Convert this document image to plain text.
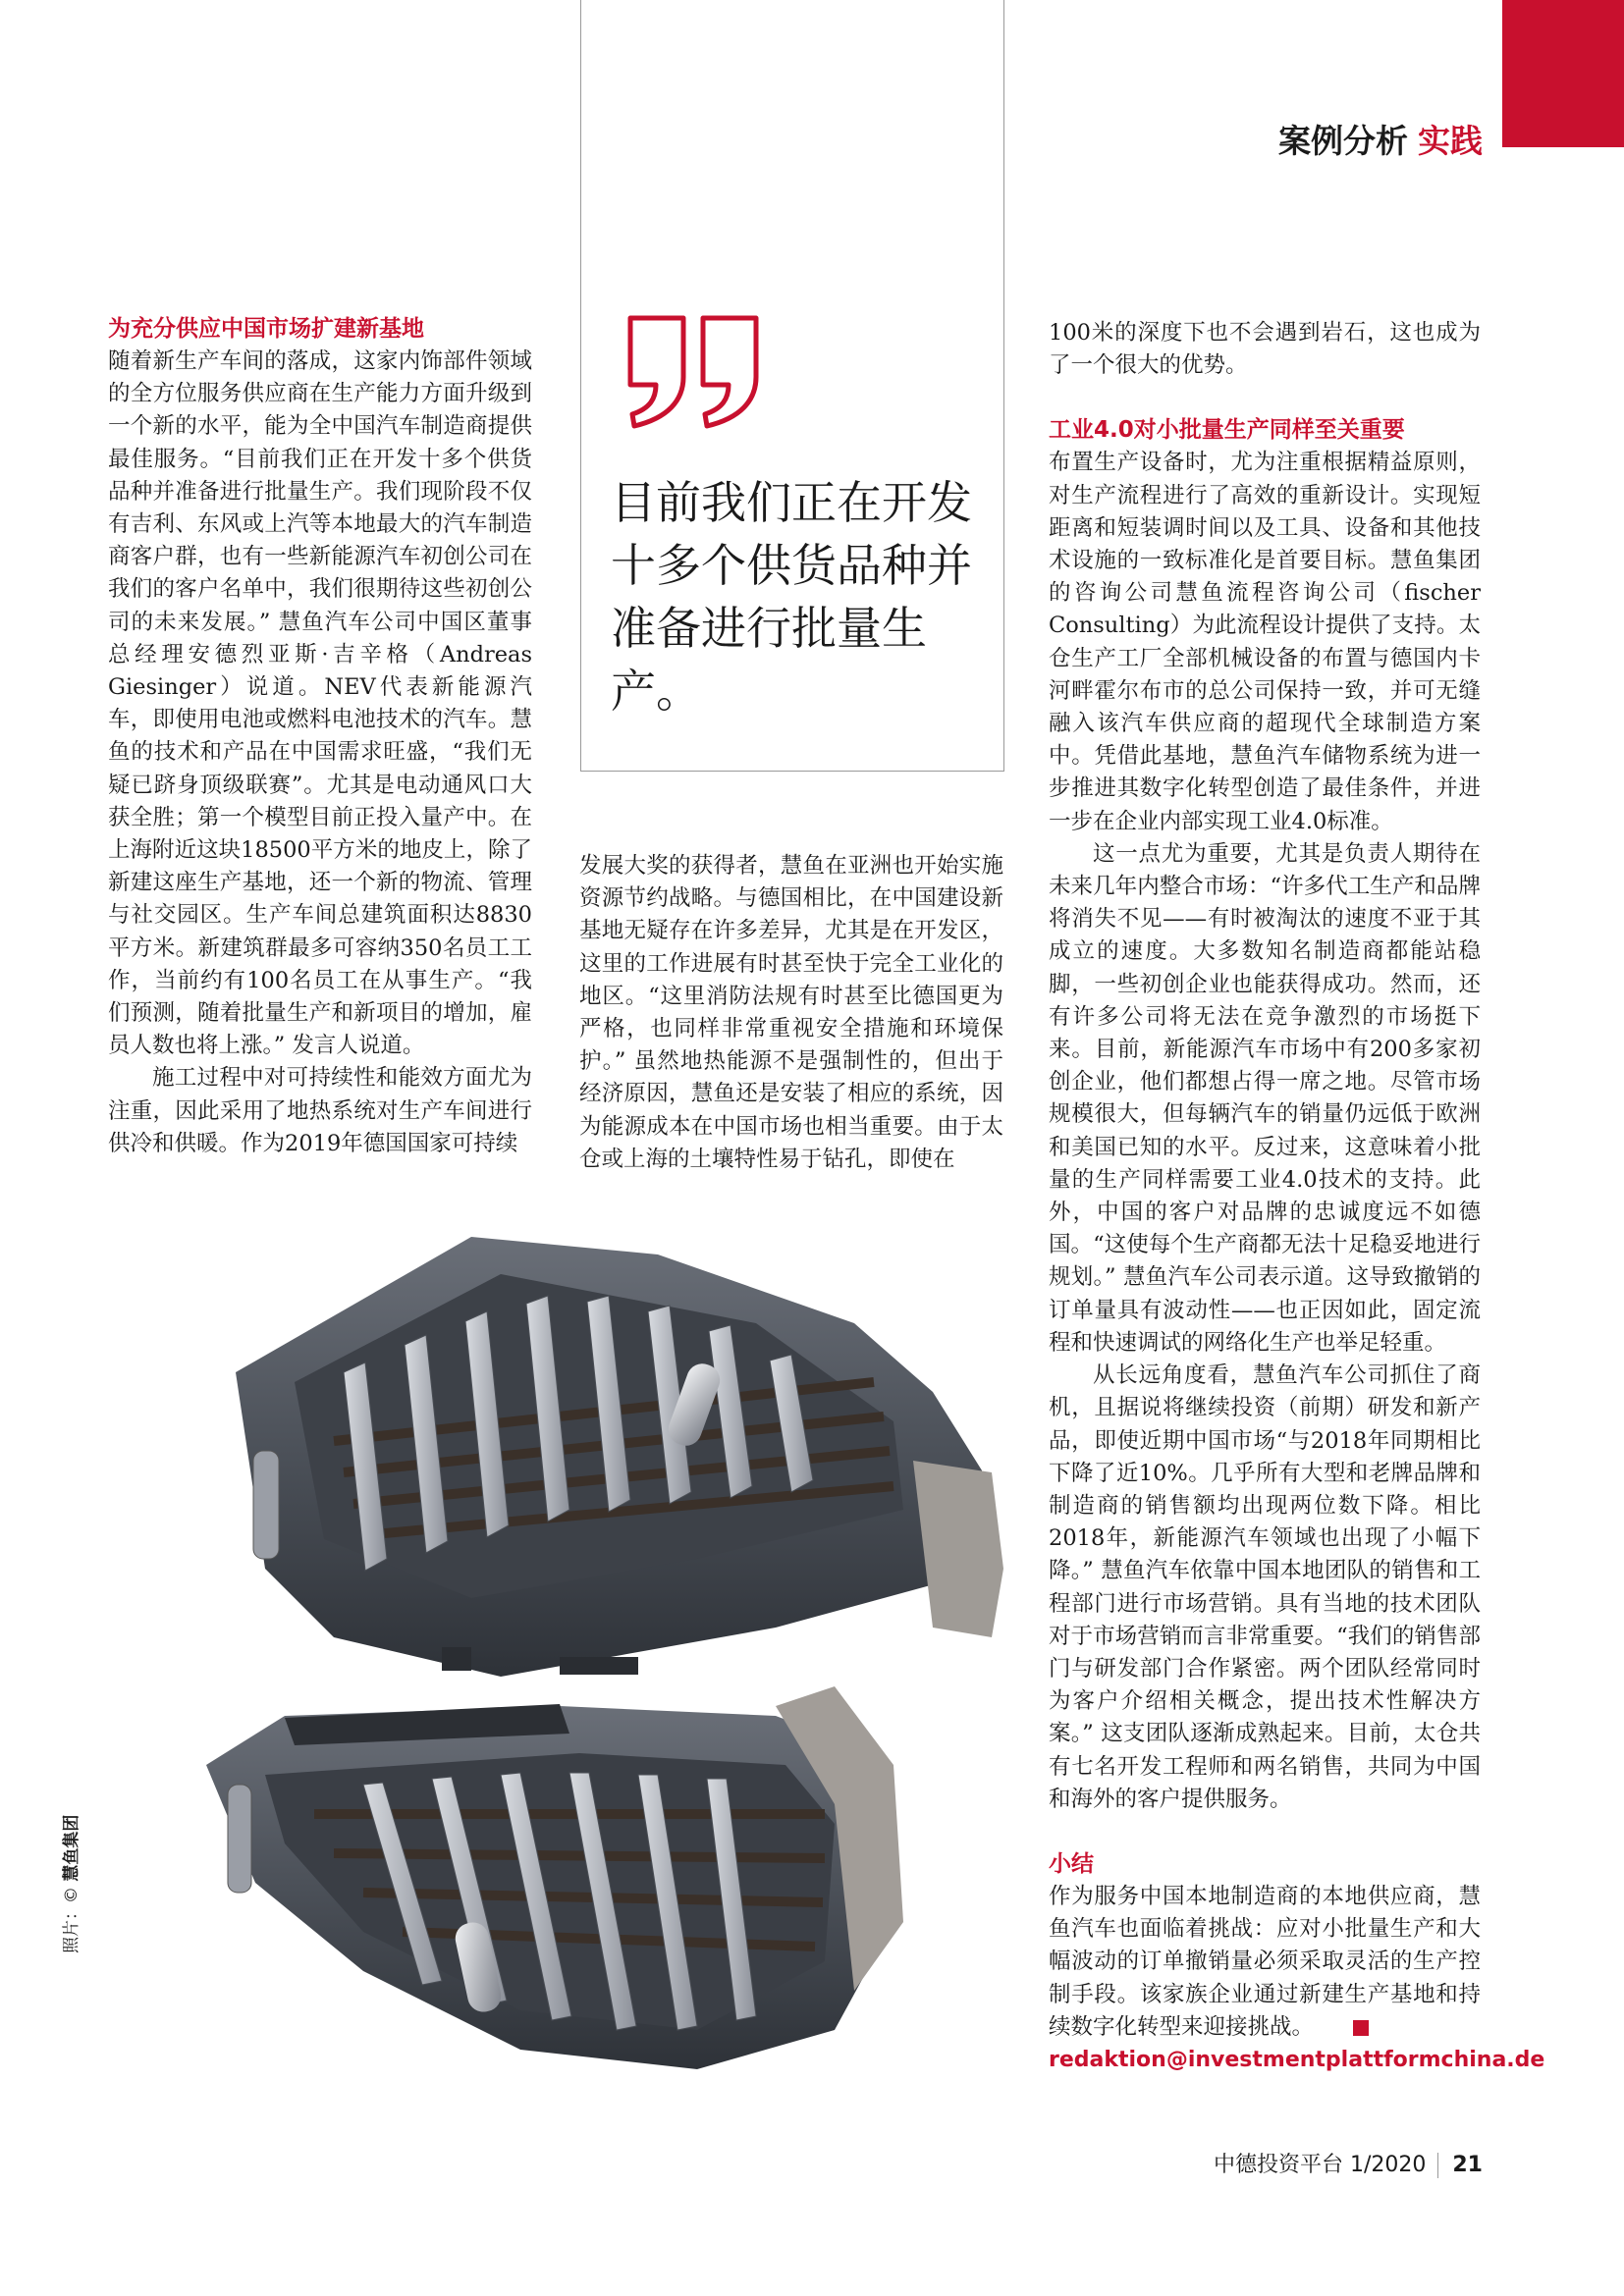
案例分析 实践

为充分供应中国市场扩建新基地

随着新生产车间的落成，这家内饰部件领域的全方位服务供应商在生产能力方面升级到一个新的水平，能为全中国汽车制造商提供最佳服务。“目前我们正在开发十多个供货品种并准备进行批量生产。我们现阶段不仅有吉利、东风或上汽等本地最大的汽车制造商客户群，也有一些新能源汽车初创公司在我们的客户名单中，我们很期待这些初创公司的未来发展。” 慧鱼汽车公司中国区董事总经理安德烈亚斯·吉辛格（Andreas Giesinger）说道。NEV代表新能源汽车，即使用电池或燃料电池技术的汽车。慧鱼的技术和产品在中国需求旺盛，“我们无疑已跻身顶级联赛”。尤其是电动通风口大获全胜；第一个模型目前正投入量产中。在上海附近这块18500平方米的地皮上，除了新建这座生产基地，还一个新的物流、管理与社交园区。生产车间总建筑面积达8830平方米。新建筑群最多可容纳350名员工工作，当前约有100名员工在从事生产。“我们预测，随着批量生产和新项目的增加，雇员人数也将上涨。” 发言人说道。

施工过程中对可持续性和能效方面尤为注重，因此采用了地热系统对生产车间进行供冷和供暖。作为2019年德国国家可持续

目前我们正在开发十多个供货品种并准备进行批量生产。

发展大奖的获得者，慧鱼在亚洲也开始实施资源节约战略。与德国相比，在中国建设新基地无疑存在许多差异，尤其是在开发区，这里的工作进展有时甚至快于完全工业化的地区。“这里消防法规有时甚至比德国更为严格，也同样非常重视安全措施和环境保护。” 虽然地热能源不是强制性的，但出于经济原因，慧鱼还是安装了相应的系统，因为能源成本在中国市场也相当重要。由于太仓或上海的土壤特性易于钻孔，即使在

100米的深度下也不会遇到岩石，这也成为了一个很大的优势。

工业4.0对小批量生产同样至关重要

布置生产设备时，尤为注重根据精益原则，对生产流程进行了高效的重新设计。实现短距离和短装调时间以及工具、设备和其他技术设施的一致标准化是首要目标。慧鱼集团的咨询公司慧鱼流程咨询公司（fischer Consulting）为此流程设计提供了支持。太仓生产工厂全部机械设备的布置与德国内卡河畔霍尔布市的总公司保持一致，并可无缝融入该汽车供应商的超现代全球制造方案中。凭借此基地，慧鱼汽车储物系统为进一步推进其数字化转型创造了最佳条件，并进一步在企业内部实现工业4.0标准。

这一点尤为重要，尤其是负责人期待在未来几年内整合市场：“许多代工生产和品牌将消失不见——有时被淘汰的速度不亚于其成立的速度。大多数知名制造商都能站稳脚，一些初创企业也能获得成功。然而，还有许多公司将无法在竞争激烈的市场挺下来。目前，新能源汽车市场中有200多家初创企业，他们都想占得一席之地。尽管市场规模很大，但每辆汽车的销量仍远低于欧洲和美国已知的水平。反过来，这意味着小批量的生产同样需要工业4.0技术的支持。此外，中国的客户对品牌的忠诚度远不如德国。“这使每个生产商都无法十足稳妥地进行规划。” 慧鱼汽车公司表示道。这导致撤销的订单量具有波动性——也正因如此，固定流程和快速调试的网络化生产也举足轻重。

从长远角度看，慧鱼汽车公司抓住了商机，且据说将继续投资（前期）研发和新产品，即使近期中国市场“与2018年同期相比下降了近10%。几乎所有大型和老牌品牌和制造商的销售额均出现两位数下降。相比2018年，新能源汽车领域也出现了小幅下降。” 慧鱼汽车依靠中国本地团队的销售和工程部门进行市场营销。具有当地的技术团队对于市场营销而言非常重要。“我们的销售部门与研发部门合作紧密。两个团队经常同时为客户介绍相关概念，提出技术性解决方案。” 这支团队逐渐成熟起来。目前，太仓共有七名开发工程师和两名销售，共同为中国和海外的客户提供服务。

小结

作为服务中国本地制造商的本地供应商，慧鱼汽车也面临着挑战：应对小批量生产和大幅波动的订单撤销量必须采取灵活的生产控制手段。该家族企业通过新建生产基地和持续数字化转型来迎接挑战。

redaktion@investmentplattformchina.de
照片：© 慧鱼集团
中德投资平台 1/2020 21
